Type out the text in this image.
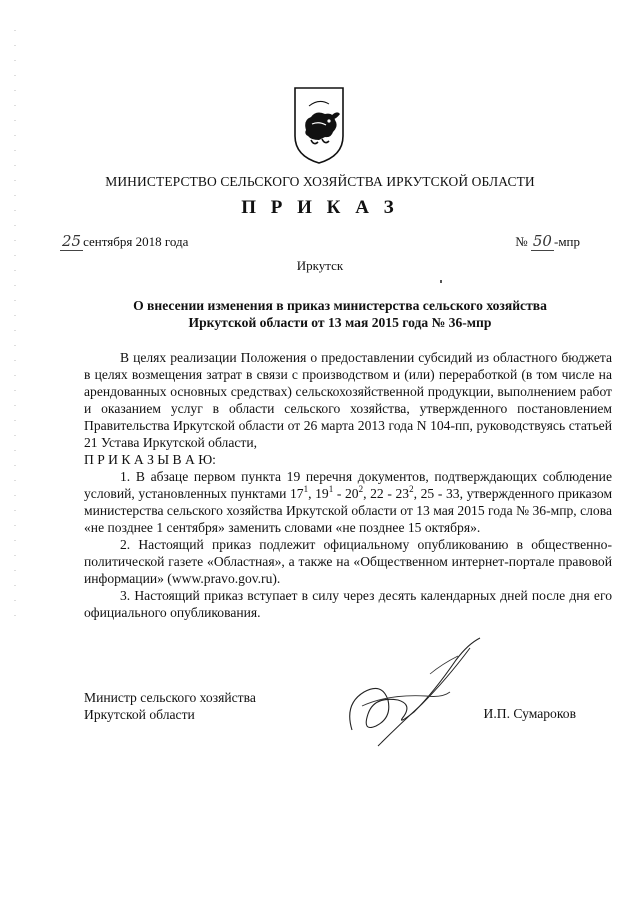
МИНИСТЕРСТВО СЕЛЬСКОГО ХОЗЯЙСТВА ИРКУТСКОЙ ОБЛАСТИ
П Р И К А З
25 сентября 2018 года	№ 50 -мпр
Иркутск
О внесении изменения в приказ министерства сельского хозяйства
Иркутской области от 13 мая 2015 года № 36-мпр

В целях реализации Положения о предоставлении субсидий из областного бюджета в целях возмещения затрат в связи с производством и (или) переработкой (в том числе на арендованных основных средствах) сельскохозяйственной продукции, выполнением работ и оказанием услуг в области сельского хозяйства, утвержденного постановлением Правительства Иркутской области от 26 марта 2013 года N 104-пп, руководствуясь статьей 21 Устава Иркутской области,

П Р И К А З Ы В А Ю:

1. В абзаце первом пункта 19 перечня документов, подтверждающих соблюдение условий, установленных пунктами $17^1$, $19^1 - 20^2$, $22 - 23^2$, 25 - 33, утвержденного приказом министерства сельского хозяйства Иркутской области от 13 мая 2015 года № 36-мпр, слова «не позднее 1 сентября» заменить словами «не позднее 15 октября».

2. Настоящий приказ подлежит официальному опубликованию в общественно-политической газете «Областная», а также на «Общественном интернет-портале правовой информации» (www.pravo.gov.ru).

3. Настоящий приказ вступает в силу через десять календарных дней после дня его официального опубликования.

Министр сельского хозяйства
Иркутской области	И.П. Сумароков
